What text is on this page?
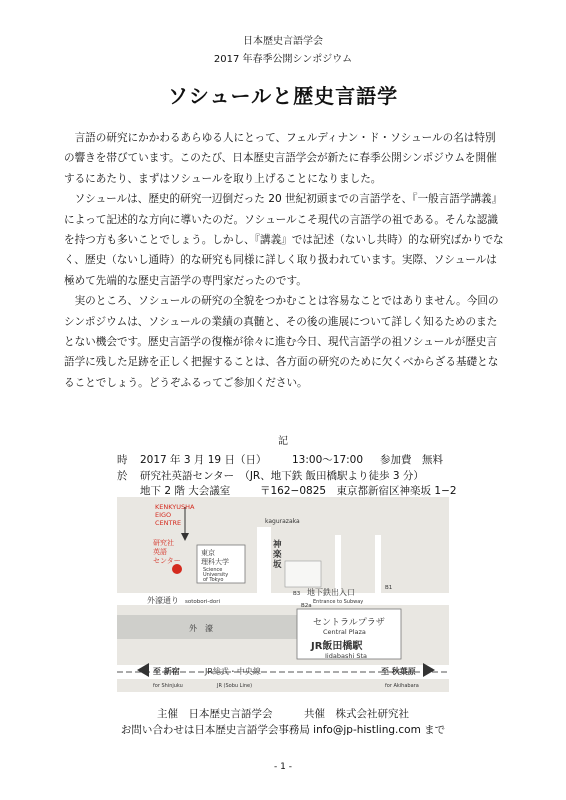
日本歴史言語学会
2017 年春季公開シンポジウム
ソシュールと歴史言語学

言語の研究にかかわるあらゆる人にとって、フェルディナン・ド・ソシュールの名は特別の響きを帯びています。このたび、日本歴史言語学会が新たに春季公開シンポジウムを開催するにあたり、まずはソシュールを取り上げることになりました。

ソシュールは、歴史的研究一辺倒だった 20 世紀初頭までの言語学を、『一般言語学講義』によって記述的な方向に導いたのだ。ソシュールこそ現代の言語学の祖である。そんな認識を持つ方も多いことでしょう。しかし、『講義』では記述（ないし共時）的な研究ばかりでなく、歴史（ないし通時）的な研究も同様に詳しく取り扱われています。実際、ソシュールは極めて先端的な歴史言語学の専門家だったのです。

実のところ、ソシュールの研究の全貌をつかむことは容易なことではありません。今回のシンポジウムは、ソシュールの業績の真髄と、その後の進展について詳しく知るためのまたとない機会です。歴史言語学の復権が徐々に進む今日、現代言語学の祖ソシュールが歴史言語学に残した足跡を正しく把握することは、各方面の研究のために欠くべからざる基礎となることでしょう。どうぞふるってご参加ください。

記
時 2017 年 3 月 19 日（日） 13:00～17:00 参加費　無料
於 研究社英語センター　（JR、地下鉄 飯田橋駅より徒歩 3 分）
地下 2 階 大会議室	〒162−0825　東京都新宿区神楽坂 1−2
KENKYUSHA
EIGO
CENTRE
研究社
英語
センター
東京
理科大学
Science
University
of Tokyo
kagurazaka
神
楽
坂
外濠通り sotobori-dori
外　濠
B3
B1
地下鉄出入口
Entrance to Subway
B2a
セントラルプラザ
Central Plaza
JR飯田橋駅
Iidabashi Sta
至 新宿
for Shinjuku
JR総武・中央線
JR (Sobu Line)
至 秋葉原
for Akihabara
主催　日本歴史言語学会　　　共催　株式会社研究社
お問い合わせは日本歴史言語学会事務局 info@jp-histling.com まで
- 1 -
